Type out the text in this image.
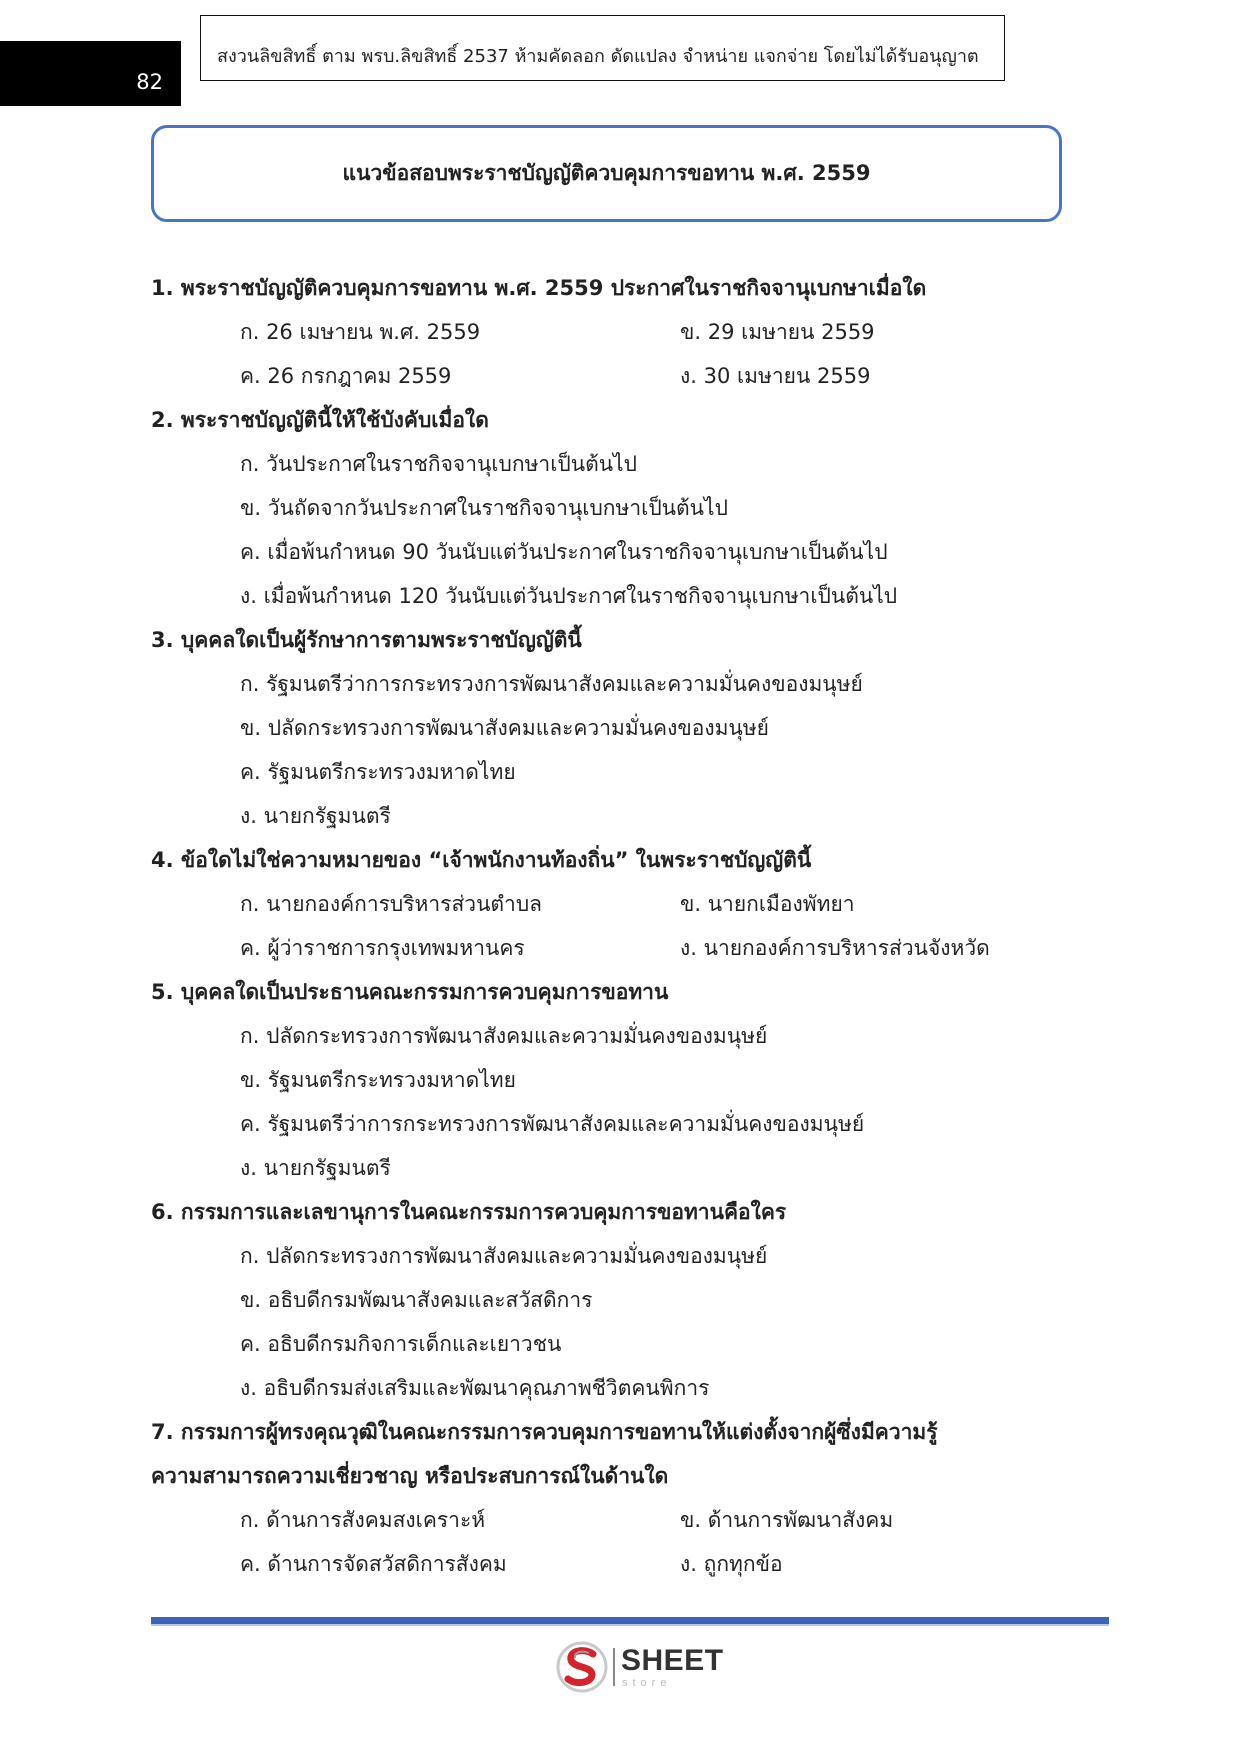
82
สงวนลิขสิทธิ์ ตาม พรบ.ลิขสิทธิ์ 2537 ห้ามคัดลอก ดัดแปลง จำหน่าย แจกจ่าย โดยไม่ได้รับอนุญาต
แนวข้อสอบพระราชบัญญัติควบคุมการขอทาน พ.ศ. 2559
1. พระราชบัญญัติควบคุมการขอทาน พ.ศ. 2559 ประกาศในราชกิจจานุเบกษาเมื่อใด
ก. 26 เมษายน พ.ศ. 2559	ข. 29 เมษายน 2559
ค. 26 กรกฎาคม 2559	ง. 30 เมษายน 2559
2. พระราชบัญญัตินี้ให้ใช้บังคับเมื่อใด
ก. วันประกาศในราชกิจจานุเบกษาเป็นต้นไป
ข. วันถัดจากวันประกาศในราชกิจจานุเบกษาเป็นต้นไป
ค. เมื่อพ้นกำหนด 90 วันนับแต่วันประกาศในราชกิจจานุเบกษาเป็นต้นไป
ง. เมื่อพ้นกำหนด 120 วันนับแต่วันประกาศในราชกิจจานุเบกษาเป็นต้นไป
3. บุคคลใดเป็นผู้รักษาการตามพระราชบัญญัตินี้
ก. รัฐมนตรีว่าการกระทรวงการพัฒนาสังคมและความมั่นคงของมนุษย์
ข. ปลัดกระทรวงการพัฒนาสังคมและความมั่นคงของมนุษย์
ค. รัฐมนตรีกระทรวงมหาดไทย
ง. นายกรัฐมนตรี
4. ข้อใดไม่ใช่ความหมายของ “เจ้าพนักงานท้องถิ่น” ในพระราชบัญญัตินี้
ก. นายกองค์การบริหารส่วนตำบล	ข. นายกเมืองพัทยา
ค. ผู้ว่าราชการกรุงเทพมหานคร	ง. นายกองค์การบริหารส่วนจังหวัด
5. บุคคลใดเป็นประธานคณะกรรมการควบคุมการขอทาน
ก. ปลัดกระทรวงการพัฒนาสังคมและความมั่นคงของมนุษย์
ข. รัฐมนตรีกระทรวงมหาดไทย
ค. รัฐมนตรีว่าการกระทรวงการพัฒนาสังคมและความมั่นคงของมนุษย์
ง. นายกรัฐมนตรี
6. กรรมการและเลขานุการในคณะกรรมการควบคุมการขอทานคือใคร
ก. ปลัดกระทรวงการพัฒนาสังคมและความมั่นคงของมนุษย์
ข. อธิบดีกรมพัฒนาสังคมและสวัสดิการ
ค. อธิบดีกรมกิจการเด็กและเยาวชน
ง. อธิบดีกรมส่งเสริมและพัฒนาคุณภาพชีวิตคนพิการ
7. กรรมการผู้ทรงคุณวุฒิในคณะกรรมการควบคุมการขอทานให้แต่งตั้งจากผู้ซึ่งมีความรู้
ความสามารถความเชี่ยวชาญ หรือประสบการณ์ในด้านใด
ก. ด้านการสังคมสงเคราะห์	ข. ด้านการพัฒนาสังคม
ค. ด้านการจัดสวัสดิการสังคม	ง. ถูกทุกข้อ
SHEET
store
